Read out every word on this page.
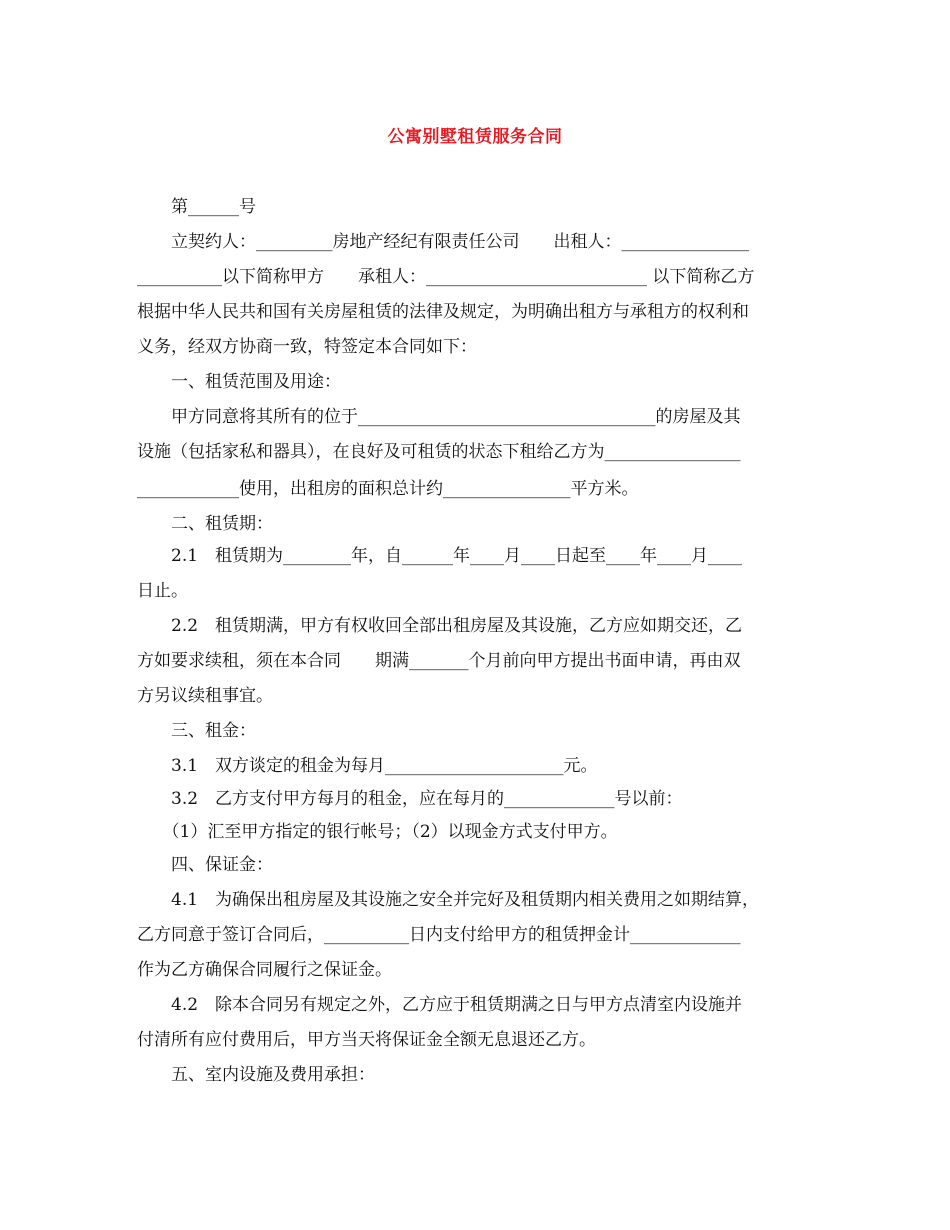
公寓别墅租赁服务合同
　　第______号
　　立契约人：_________房地产经纪有限责任公司　　出租人：_______________
__________以下简称甲方　　承租人：__________________________ 以下简称乙方
根据中华人民共和国有关房屋租赁的法律及规定，为明确出租方与承租方的权利和
义务，经双方协商一致，特签定本合同如下：
　　一、租赁范围及用途：
　　甲方同意将其所有的位于___________________________________的房屋及其
设施（包括家私和器具），在良好及可租赁的状态下租给乙方为________________
____________使用，出租房的面积总计约_______________平方米。
　　二、租赁期：
　　2.1　租赁期为________年，自______年____月____日起至____年____月____
日止。
　　2.2　租赁期满，甲方有权收回全部出租房屋及其设施，乙方应如期交还，乙
方如要求续租，须在本合同　　期满_______个月前向甲方提出书面申请，再由双
方另议续租事宜。
　　三、租金：
　　3.1　双方谈定的租金为每月_____________________元。
　　3.2　乙方支付甲方每月的租金，应在每月的_____________号以前：
　　（1）汇至甲方指定的银行帐号；（2）以现金方式支付甲方。
　　四、保证金：
　　4.1　为确保出租房屋及其设施之安全并完好及租赁期内相关费用之如期结算，
乙方同意于签订合同后，__________日内支付给甲方的租赁押金计_____________
作为乙方确保合同履行之保证金。
　　4.2　除本合同另有规定之外，乙方应于租赁期满之日与甲方点清室内设施并
付清所有应付费用后，甲方当天将保证金全额无息退还乙方。
　　五、室内设施及费用承担：
